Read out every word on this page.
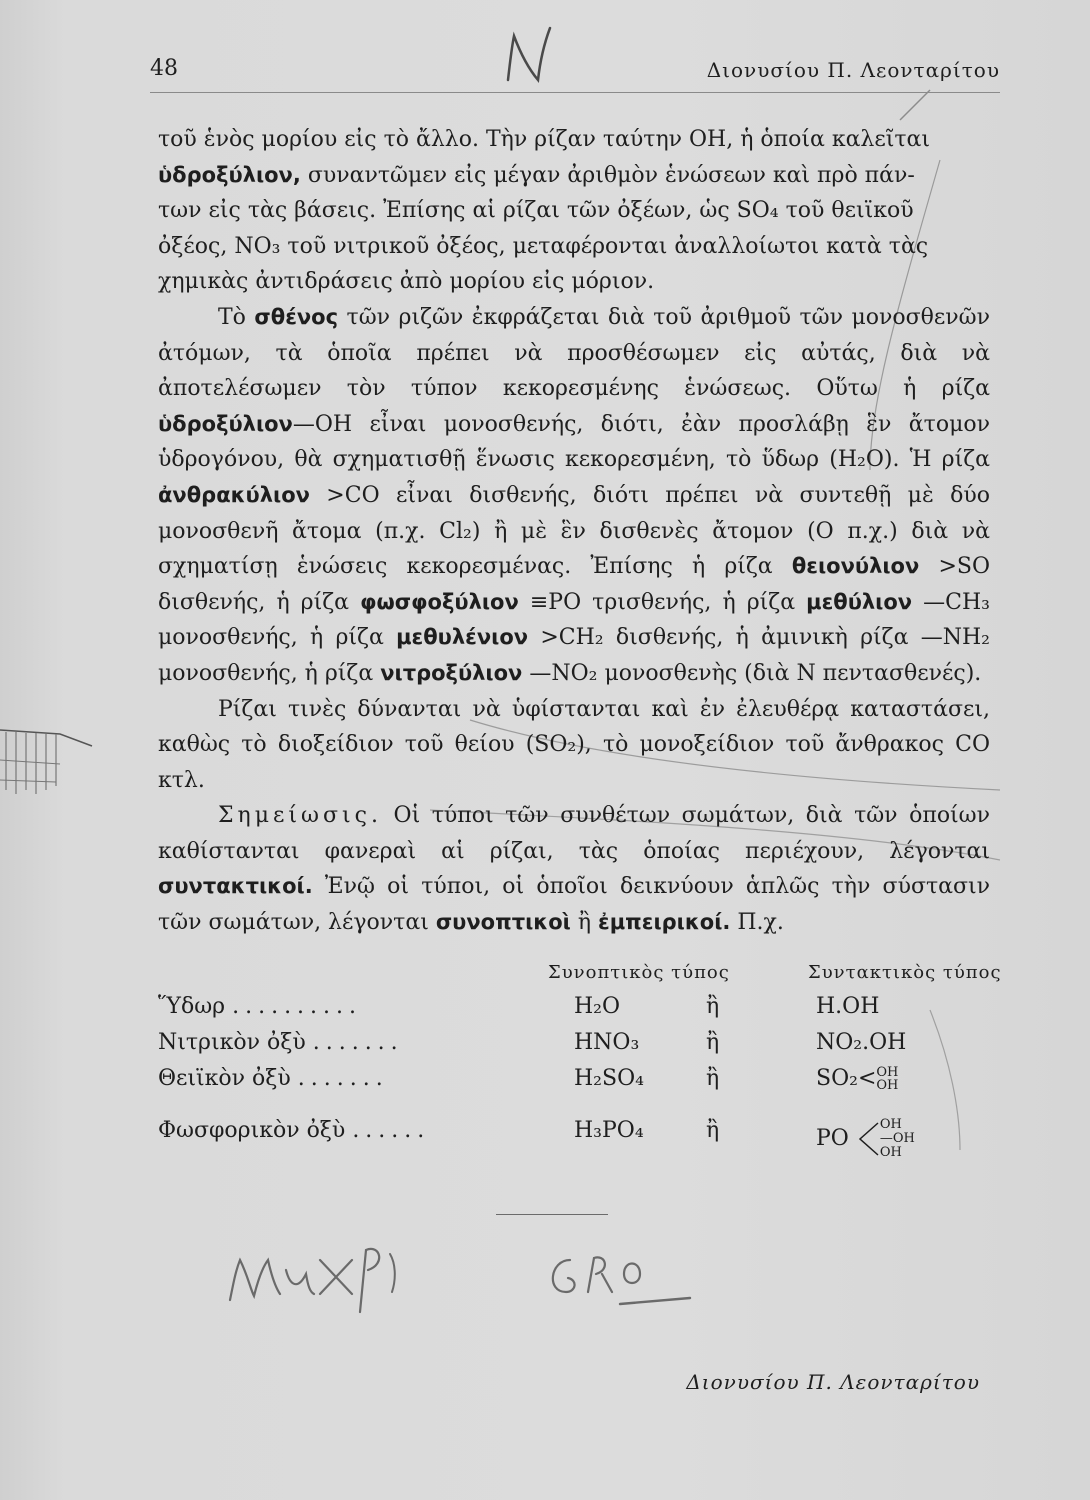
48	Διονυσίου Π. Λεονταρίτου

τοῦ ἑνὸς μορίου εἰς τὸ ἄλλο. Τὴν ρίζαν ταύτην ΟΗ, ἡ ὁποία καλεῖται
ὑδροξύλιον, συναντῶμεν εἰς μέγαν ἀριθμὸν ἑνώσεων καὶ πρὸ πάν-
των εἰς τὰς βάσεις. Ἐπίσης αἱ ρίζαι τῶν ὀξέων, ὡς SO₄ τοῦ θειϊκοῦ
ὀξέος, NO₃ τοῦ νιτρικοῦ ὀξέος, μεταφέρονται ἀναλλοίωτοι κατὰ τὰς
χημικὰς ἀντιδράσεις ἀπὸ μορίου εἰς μόριον.

Τὸ σθένος τῶν ριζῶν ἐκφράζεται διὰ τοῦ ἀριθμοῦ τῶν μονοσθενῶν ἀτόμων, τὰ ὁποῖα πρέπει νὰ προσθέσωμεν εἰς αὐτάς, διὰ νὰ ἀποτελέσωμεν τὸν τύπον κεκορεσμένης ἑνώσεως. Οὕτω ἡ ρίζα ὑδροξύλιον—ΟΗ εἶναι μονοσθενής, διότι, ἐὰν προσλάβῃ ἓν ἄτομον ὑδρογόνου, θὰ σχηματισθῇ ἕνωσις κεκορεσμένη, τὸ ὕδωρ (H₂O). Ἡ ρίζα ἀνθρακύλιον >CO εἶναι δισθενής, διότι πρέπει νὰ συντεθῇ μὲ δύο μονοσθενῆ ἄτομα (π.χ. Cl₂) ἢ μὲ ἓν δισθενὲς ἄτομον (Ο π.χ.) διὰ νὰ σχηματίσῃ ἑνώσεις κεκορεσμένας. Ἐπίσης ἡ ρίζα θειονύλιον >SO δισθενής, ἡ ρίζα φωσφοξύλιον ≡PO τρισθενής, ἡ ρίζα μεθύλιον —CH₃ μονοσθενής, ἡ ρίζα μεθυλένιον >CH₂ δισθενής, ἡ ἀμινικὴ ρίζα —NH₂ μονοσθενής, ἡ ρίζα νιτροξύλιον —NO₂ μονοσθενὴς (διὰ Ν πεντασθενές).

Ρίζαι τινὲς δύνανται νὰ ὑφίστανται καὶ ἐν ἐλευθέρᾳ καταστάσει, καθὼς τὸ διοξείδιον τοῦ θείου (SO₂), τὸ μονοξείδιον τοῦ ἄνθρακος CO κτλ.

Σημείωσις. Οἱ τύποι τῶν συνθέτων σωμάτων, διὰ τῶν ὁποίων καθίστανται φανεραὶ αἱ ρίζαι, τὰς ὁποίας περιέχουν, λέγονται συντακτικοί. Ἐνῷ οἱ τύποι, οἱ ὁποῖοι δεικνύουν ἁπλῶς τὴν σύστασιν τῶν σωμάτων, λέγονται συνοπτικοὶ ἢ ἐμπειρικοί. Π.χ.

Συνοπτικὸς τύπος	Συντακτικὸς τύπος
Ὕδωρ ..........	H₂O	ἢ	H.OH
Νιτρικὸν ὀξὺ .......	HNO₃	ἢ	NO₂.OH
Θειϊκὸν ὀξὺ .......	H₂SO₄	ἢ	SO₂<OH
OH
Φωσφορικὸν ὀξὺ ......	H₃PO₄	ἢ	PO OH
—OH
OH
Διονυσίου Π. Λεονταρίτου
